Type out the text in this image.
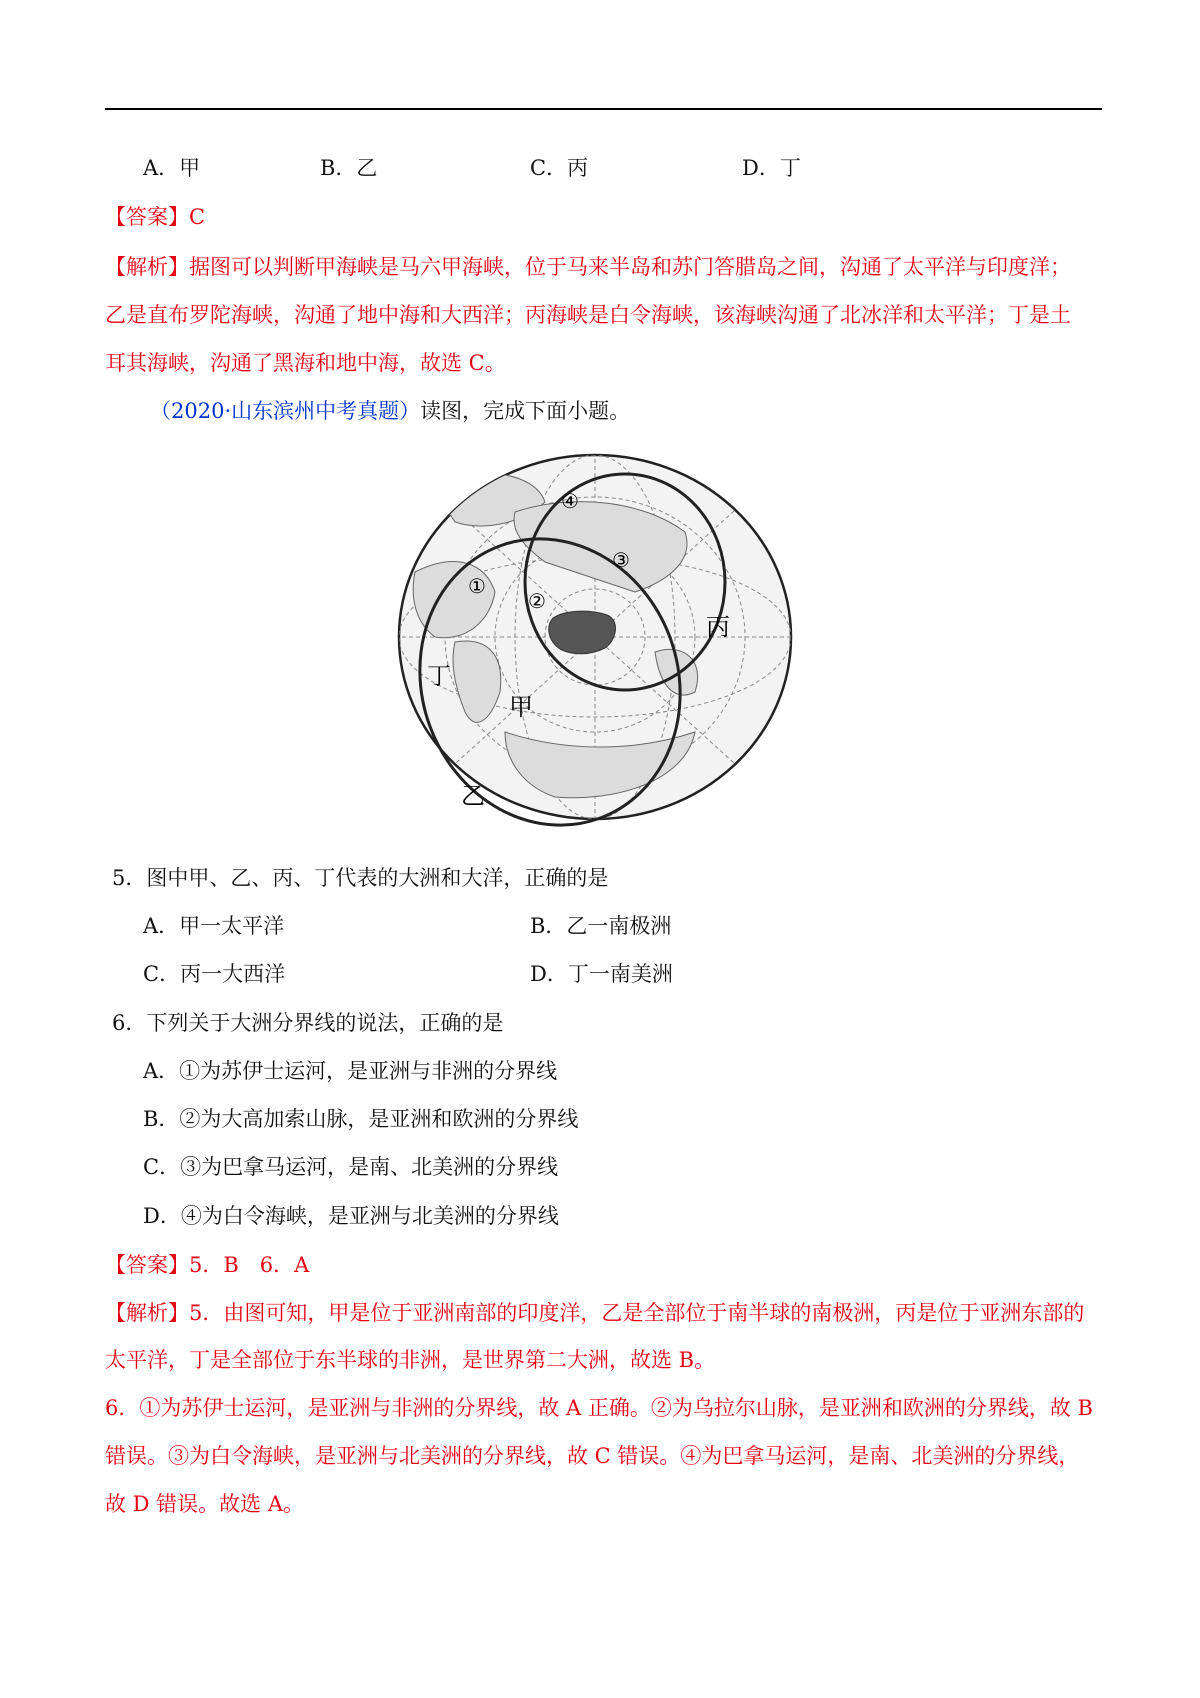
A．甲	B．乙	C．丙	D．丁
【答案】C
【解析】据图可以判断甲海峡是马六甲海峡，位于马来半岛和苏门答腊岛之间，沟通了太平洋与印度洋；
乙是直布罗陀海峡，沟通了地中海和大西洋；丙海峡是白令海峡，该海峡沟通了北冰洋和太平洋；丁是土
耳其海峡，沟通了黑海和地中海，故选 C。
（2020·山东滨州中考真题）读图，完成下面小题。
④
③
①
②
丙
丁
甲
乙
5．图中甲、乙、丙、丁代表的大洲和大洋，正确的是
A．甲一太平洋	B．乙一南极洲
C．丙一大西洋	D．丁一南美洲
6．下列关于大洲分界线的说法，正确的是
A．①为苏伊士运河，是亚洲与非洲的分界线
B．②为大高加索山脉，是亚洲和欧洲的分界线
C．③为巴拿马运河，是南、北美洲的分界线
D．④为白令海峡，是亚洲与北美洲的分界线
【答案】5．B　6．A
【解析】5．由图可知，甲是位于亚洲南部的印度洋，乙是全部位于南半球的南极洲，丙是位于亚洲东部的
太平洋，丁是全部位于东半球的非洲，是世界第二大洲，故选 B。
6．①为苏伊士运河，是亚洲与非洲的分界线，故 A 正确。②为乌拉尔山脉，是亚洲和欧洲的分界线，故 B
错误。③为白令海峡，是亚洲与北美洲的分界线，故 C 错误。④为巴拿马运河，是南、北美洲的分界线，
故 D 错误。故选 A。
